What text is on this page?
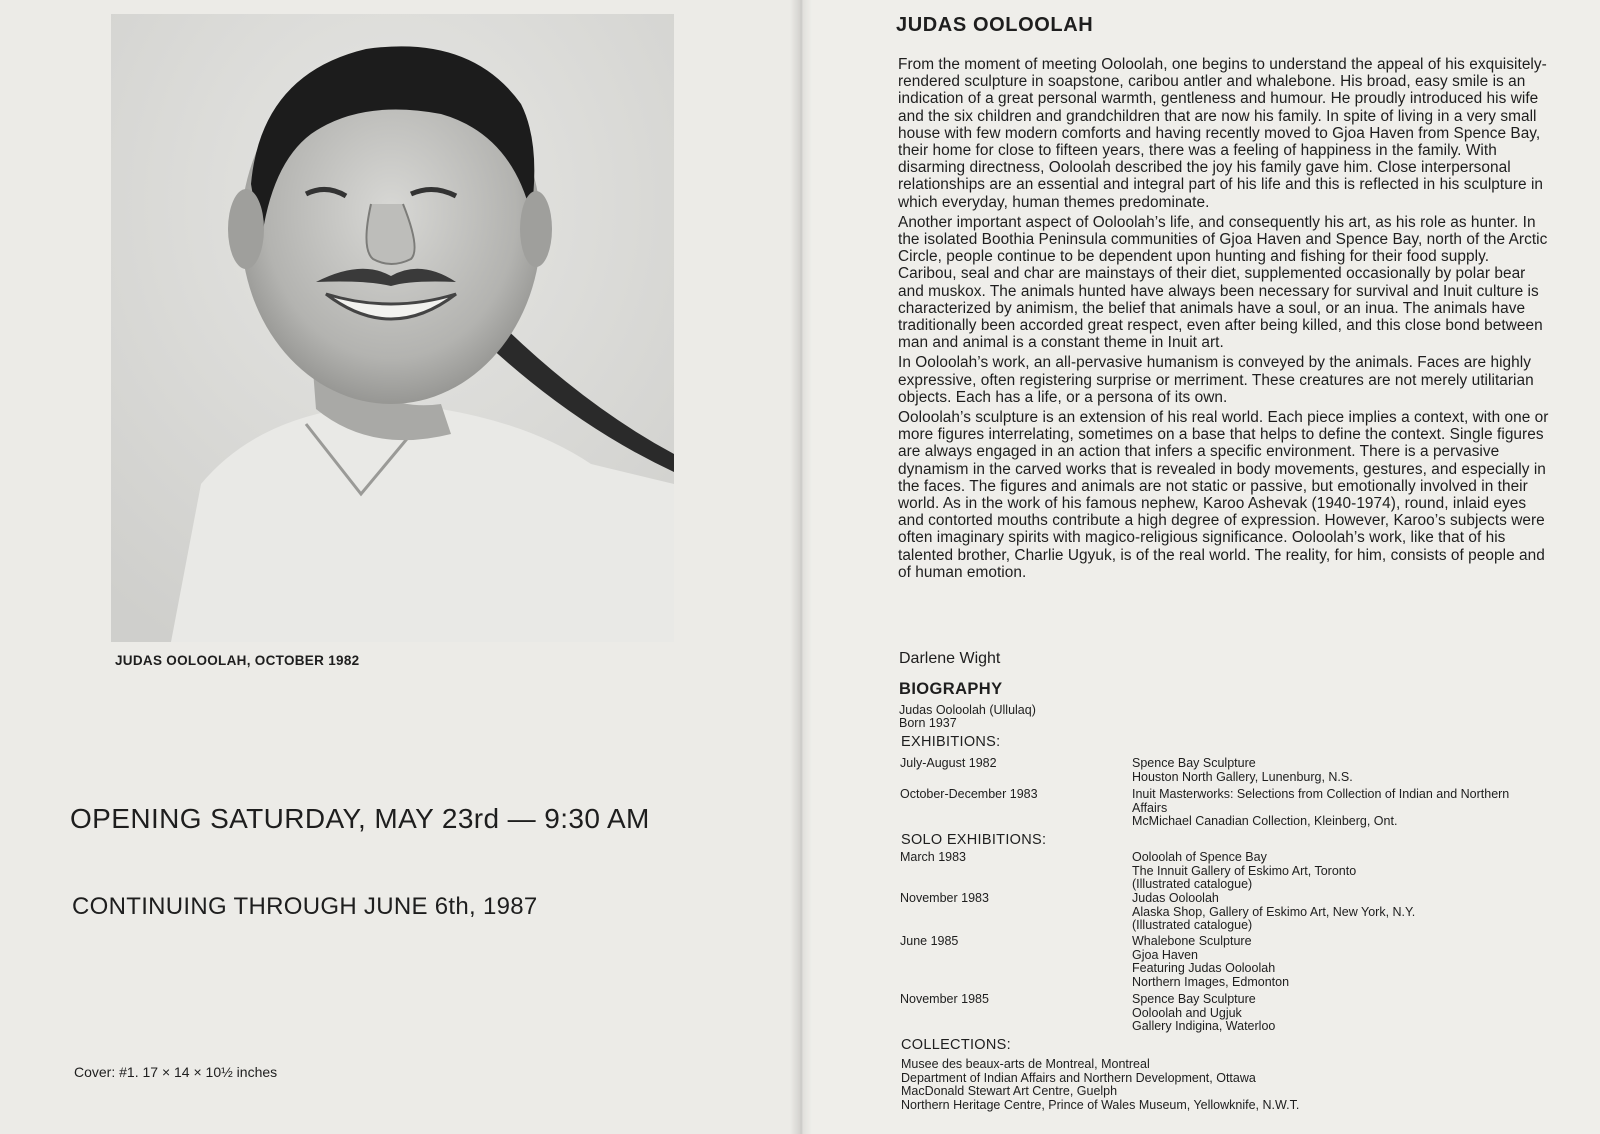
JUDAS OOLOOLAH, OCTOBER 1982
OPENING SATURDAY, MAY 23rd — 9:30 AM
CONTINUING THROUGH JUNE 6th, 1987
Cover: #1. 17 × 14 × 10½ inches
JUDAS OOLOOLAH

From the moment of meeting Ooloolah, one begins to understand the appeal of his exquisitely-rendered sculpture in soapstone, caribou antler and whalebone. His broad, easy smile is an indication of a great personal warmth, gentleness and humour. He proudly introduced his wife and the six children and grandchildren that are now his family. In spite of living in a very small house with few modern comforts and having recently moved to Gjoa Haven from Spence Bay, their home for close to fifteen years, there was a feeling of happiness in the family. With disarming directness, Ooloolah described the joy his family gave him. Close interpersonal relationships are an essential and integral part of his life and this is reflected in his sculpture in which everyday, human themes predominate.

Another important aspect of Ooloolah’s life, and consequently his art, as his role as hunter. In the isolated Boothia Peninsula communities of Gjoa Haven and Spence Bay, north of the Arctic Circle, people continue to be dependent upon hunting and fishing for their food supply. Caribou, seal and char are mainstays of their diet, supplemented occasionally by polar bear and muskox. The animals hunted have always been necessary for survival and Inuit culture is characterized by animism, the belief that animals have a soul, or an inua. The animals have traditionally been accorded great respect, even after being killed, and this close bond between man and animal is a constant theme in Inuit art.

In Ooloolah’s work, an all-pervasive humanism is conveyed by the animals. Faces are highly expressive, often registering surprise or merriment. These creatures are not merely utilitarian objects. Each has a life, or a persona of its own.

Ooloolah’s sculpture is an extension of his real world. Each piece implies a context, with one or more figures interrelating, sometimes on a base that helps to define the context. Single figures are always engaged in an action that infers a specific environment. There is a pervasive dynamism in the carved works that is revealed in body movements, gestures, and especially in the faces. The figures and animals are not static or passive, but emotionally involved in their world. As in the work of his famous nephew, Karoo Ashevak (1940-1974), round, inlaid eyes and contorted mouths contribute a high degree of expression. However, Karoo’s subjects were often imaginary spirits with magico-religious significance. Ooloolah’s work, like that of his talented brother, Charlie Ugyuk, is of the real world. The reality, for him, consists of people and of human emotion.

Darlene Wight
BIOGRAPHY
Judas Ooloolah (Ullulaq)
Born 1937
EXHIBITIONS:
July-August 1982	Spence Bay Sculpture
Houston North Gallery, Lunenburg, N.S.
October-December 1983	Inuit Masterworks: Selections from Collection of Indian and Northern
Affairs
McMichael Canadian Collection, Kleinberg, Ont.
SOLO EXHIBITIONS:
March 1983	Ooloolah of Spence Bay
The Innuit Gallery of Eskimo Art, Toronto
(Illustrated catalogue)
November 1983	Judas Ooloolah
Alaska Shop, Gallery of Eskimo Art, New York, N.Y.
(Illustrated catalogue)
June 1985	Whalebone Sculpture
Gjoa Haven
Featuring Judas Ooloolah
Northern Images, Edmonton
November 1985	Spence Bay Sculpture
Ooloolah and Ugjuk
Gallery Indigina, Waterloo
COLLECTIONS:
Musee des beaux-arts de Montreal, Montreal
Department of Indian Affairs and Northern Development, Ottawa
MacDonald Stewart Art Centre, Guelph
Northern Heritage Centre, Prince of Wales Museum, Yellowknife, N.W.T.
